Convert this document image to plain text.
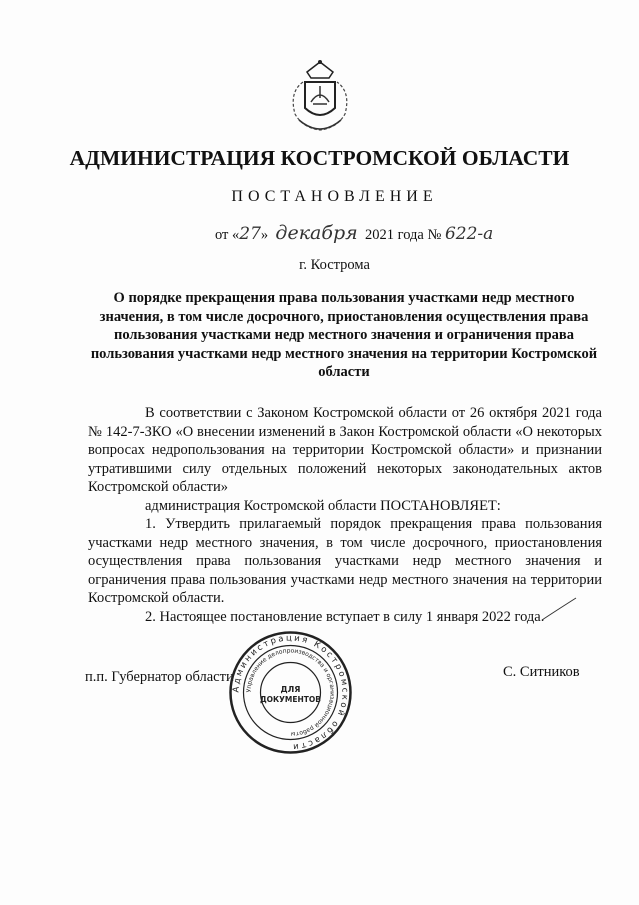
АДМИНИСТРАЦИЯ КОСТРОМСКОЙ ОБЛАСТИ
ПОСТАНОВЛЕНИЕ
от «27» декабря 2021 года № 622-а
г. Кострома
О порядке прекращения права пользования участками недр местного значения, в том числе досрочного, приостановления осуществления права пользования участками недр местного значения и ограничения права пользования участками недр местного значения на территории Костромской области

В соответствии с Законом Костромской области от 26 октября 2021 года № 142-7-ЗКО «О внесении изменений в Закон Костромской области «О некоторых вопросах недропользования на территории Костромской области» и признании утратившими силу отдельных положений некоторых законодательных актов Костромской области»

администрация Костромской области ПОСТАНОВЛЯЕТ:

1. Утвердить прилагаемый порядок прекращения права пользования участками недр местного значения, в том числе досрочного, приостановления осуществления права пользования участками недр местного значения и ограничения права пользования участками недр местного значения на территории Костромской области.

2. Настоящее постановление вступает в силу 1 января 2022 года.

п.п. Губернатор области	С. Ситников
Администрация Костромской области
Управление делопроизводства и организационной работы
ДЛЯ
ДОКУМЕНТОВ
